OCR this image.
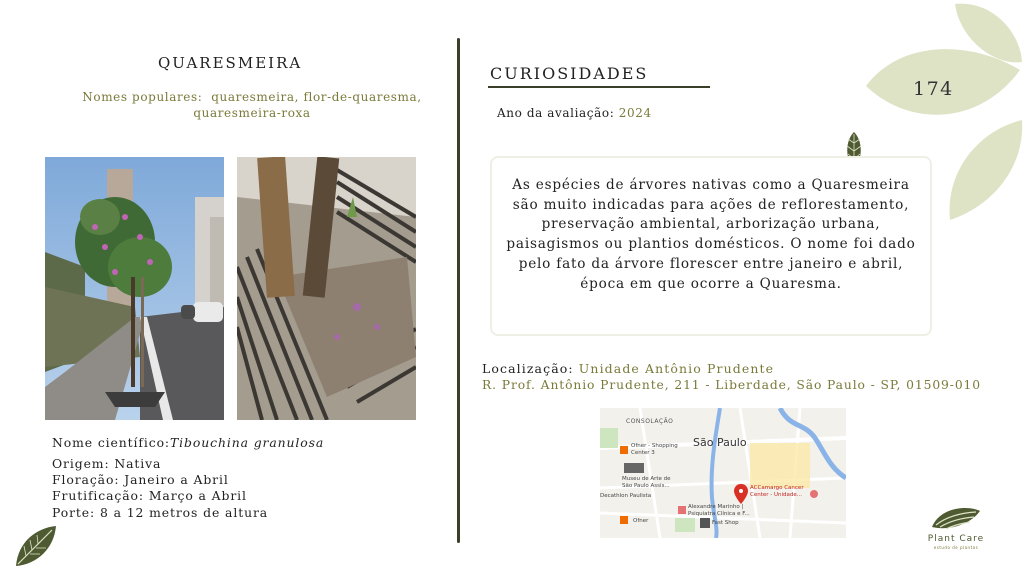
QUARESMEIRA
Nomes populares: quaresmeira, flor-de-quaresma,
quaresmeira-roxa
Nome científico:Tibouchina granulosa
Origem: Nativa
Floração: Janeiro a Abril
Frutificação: Março a Abril
Porte: 8 a 12 metros de altura
CURIOSIDADES
Ano da avaliação: 2024
174
As espécies de árvores nativas como a Quaresmeira são muito indicadas para ações de reflorestamento, preservação ambiental, arborização urbana, paisagismos ou plantios domésticos. O nome foi dado pelo fato da árvore florescer entre janeiro e abril, época em que ocorre a Quaresma.
Localização: Unidade Antônio Prudente
R. Prof. Antônio Prudente, 211 - Liberdade, São Paulo - SP, 01509-010
CONSOLAÇÃO
São Paulo
Ofner - Shopping Center 3
Museu de Arte de São Paulo Assis...
Decathlon Paulista
ACCamargo Cancer Center - Unidade...
Alexandre Marinho | Psiquiatra Clínica e F...
Ofner	Fast Shop
Plant Care
estudo de plantas
